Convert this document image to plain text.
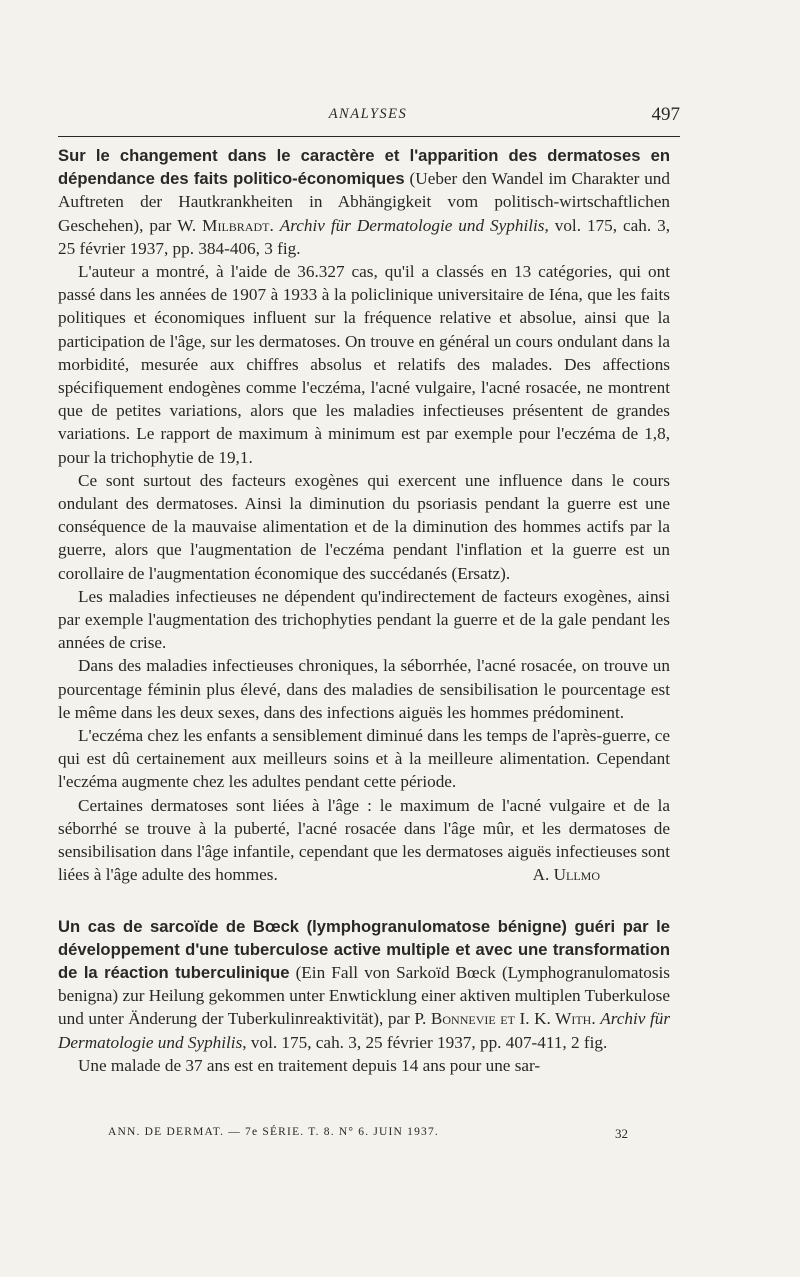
ANALYSES	497

Sur le changement dans le caractère et l'apparition des dermatoses en dépendance des faits politico-économiques (Ueber den Wandel im Charakter und Auftreten der Hautkrankheiten in Abhängigkeit vom politisch-wirtschaftlichen Geschehen), par W. Milbradt. Archiv für Dermatologie und Syphilis, vol. 175, cah. 3, 25 février 1937, pp. 384-406, 3 fig.

L'auteur a montré, à l'aide de 36.327 cas, qu'il a classés en 13 catégories, qui ont passé dans les années de 1907 à 1933 à la policlinique universitaire de Iéna, que les faits politiques et économiques influent sur la fréquence relative et absolue, ainsi que la participation de l'âge, sur les dermatoses. On trouve en général un cours ondulant dans la morbidité, mesurée aux chiffres absolus et relatifs des malades. Des affections spécifiquement endogènes comme l'eczéma, l'acné vulgaire, l'acné rosacée, ne montrent que de petites variations, alors que les maladies infectieuses présentent de grandes variations. Le rapport de maximum à minimum est par exemple pour l'eczéma de 1,8, pour la trichophytie de 19,1.

Ce sont surtout des facteurs exogènes qui exercent une influence dans le cours ondulant des dermatoses. Ainsi la diminution du psoriasis pendant la guerre est une conséquence de la mauvaise alimentation et de la diminution des hommes actifs par la guerre, alors que l'augmentation de l'eczéma pendant l'inflation et la guerre est un corollaire de l'augmentation économique des succédanés (Ersatz).

Les maladies infectieuses ne dépendent qu'indirectement de facteurs exogènes, ainsi par exemple l'augmentation des trichophyties pendant la guerre et de la gale pendant les années de crise.

Dans des maladies infectieuses chroniques, la séborrhée, l'acné rosacée, on trouve un pourcentage féminin plus élevé, dans des maladies de sensibilisation le pourcentage est le même dans les deux sexes, dans des infections aiguës les hommes prédominent.

L'eczéma chez les enfants a sensiblement diminué dans les temps de l'après-guerre, ce qui est dû certainement aux meilleurs soins et à la meilleure alimentation. Cependant l'eczéma augmente chez les adultes pendant cette période.

Certaines dermatoses sont liées à l'âge : le maximum de l'acné vulgaire et de la séborrhé se trouve à la puberté, l'acné rosacée dans l'âge mûr, et les dermatoses de sensibilisation dans l'âge infantile, cependant que les dermatoses aiguës infectieuses sont liées à l'âge adulte des hommes.	A. Ullmo

Un cas de sarcoïde de Bœck (lymphogranulomatose bénigne) guéri par le développement d'une tuberculose active multiple et avec une transformation de la réaction tuberculinique (Ein Fall von Sarkoïd Bœck (Lymphogranulomatosis benigna) zur Heilung gekommen unter Enwticklung einer aktiven multiplen Tuberkulose und unter Änderung der Tuberkulinreaktivität), par P. Bonnevie et I. K. With. Archiv für Dermatologie und Syphilis, vol. 175, cah. 3, 25 février 1937, pp. 407-411, 2 fig.

Une malade de 37 ans est en traitement depuis 14 ans pour une sar-

ANN. DE DERMAT. — 7e SÉRIE. T. 8. N° 6. JUIN 1937.	32
